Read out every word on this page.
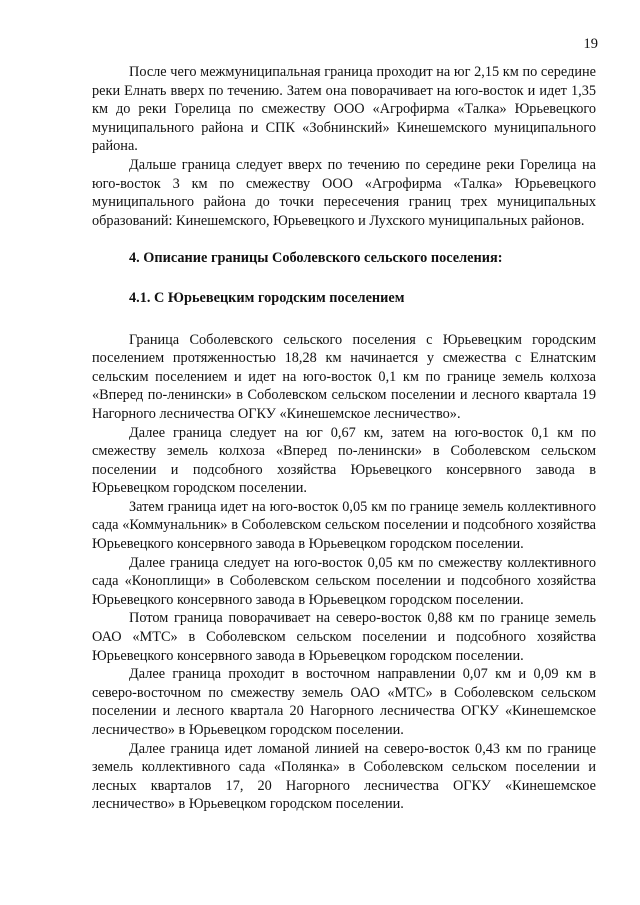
19

После чего межмуниципальная граница проходит на юг 2,15 км по середине реки Елнать вверх по течению. Затем она поворачивает на юго-восток и идет 1,35 км до реки Горелица по смежеству ООО «Агрофирма «Талка» Юрьевецкого муниципального района и СПК «Зобнинский» Кинешемского муниципального района.

Дальше граница следует вверх по течению по середине реки Горелица на юго-восток 3 км по смежеству ООО «Агрофирма «Талка» Юрьевецкого муниципального района до точки пересечения границ трех муниципальных образований: Кинешемского, Юрьевецкого и Лухского муниципальных районов.

4. Описание границы Соболевского сельского поселения:

4.1. С Юрьевецким городским поселением

Граница Соболевского сельского поселения с Юрьевецким городским поселением протяженностью 18,28 км начинается у смежества с Елнатским сельским поселением и идет на юго-восток 0,1 км по границе земель колхоза «Вперед по-ленински» в Соболевском сельском поселении и лесного квартала 19 Нагорного лесничества ОГКУ «Кинешемское лесничество».

Далее граница следует на юг 0,67 км, затем на юго-восток 0,1 км по смежеству земель колхоза «Вперед по-ленински» в Соболевском сельском поселении и подсобного хозяйства Юрьевецкого консервного завода в Юрьевецком городском поселении.

Затем граница идет на юго-восток 0,05 км по границе земель коллективного сада «Коммунальник» в Соболевском сельском поселении и подсобного хозяйства Юрьевецкого консервного завода в Юрьевецком городском поселении.

Далее граница следует на юго-восток 0,05 км по смежеству коллективного сада «Коноплищи» в Соболевском сельском поселении и подсобного хозяйства Юрьевецкого консервного завода в Юрьевецком городском поселении.

Потом граница поворачивает на северо-восток 0,88 км по границе земель ОАО «МТС» в Соболевском сельском поселении и подсобного хозяйства Юрьевецкого консервного завода в Юрьевецком городском поселении.

Далее граница проходит в восточном направлении 0,07 км и 0,09 км в северо-восточном по смежеству земель ОАО «МТС» в Соболевском сельском поселении и лесного квартала 20 Нагорного лесничества ОГКУ «Кинешемское лесничество» в Юрьевецком городском поселении.

Далее граница идет ломаной линией на северо-восток 0,43 км по границе земель коллективного сада «Полянка» в Соболевском сельском поселении и лесных кварталов 17, 20 Нагорного лесничества ОГКУ «Кинешемское лесничество» в Юрьевецком городском поселении.
